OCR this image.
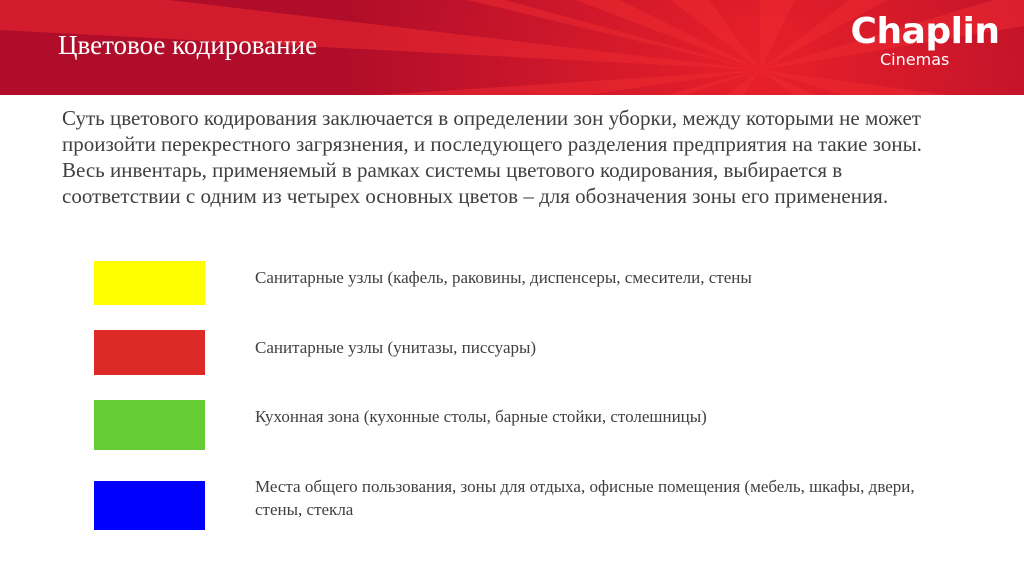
Цветовое кодирование	Chaplin
Cinemas

Суть цветового кодирования заключается в определении зон уборки, между которыми не может произойти перекрестного загрязнения, и последующего разделения предприятия на такие зоны. Весь инвентарь, применяемый в рамках системы цветового кодирования, выбирается в соответствии с одним из четырех основных цветов – для обозначения зоны его применения.

Санитарные узлы (кафель, раковины, диспенсеры, смесители, стены
Санитарные узлы (унитазы, писсуары)
Кухонная зона (кухонные столы, барные стойки, столешницы)
Места общего пользования, зоны для отдыха, офисные помещения (мебель, шкафы, двери, стены, стекла
